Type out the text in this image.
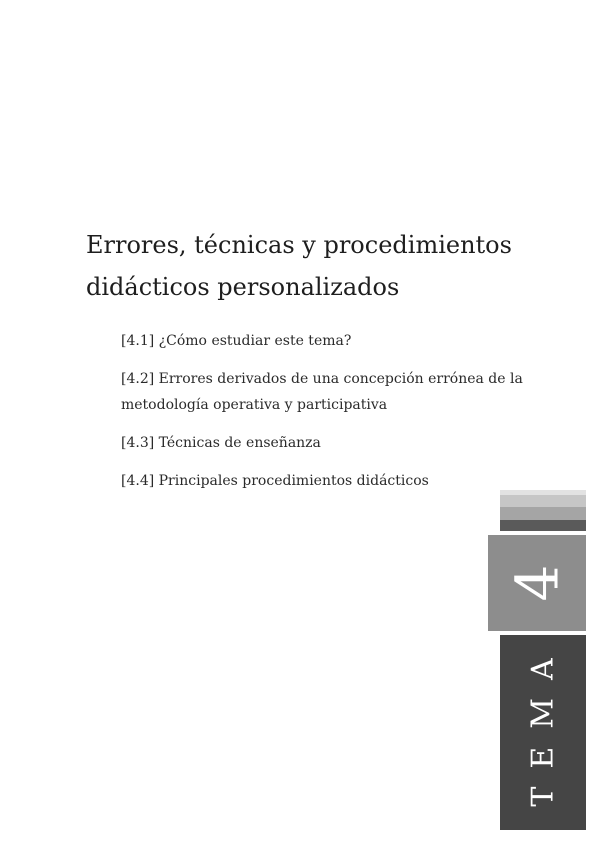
Errores, técnicas y procedimientos
didácticos personalizados
[4.1] ¿Cómo estudiar este tema?
[4.2] Errores derivados de una concepción errónea de la metodología operativa y participativa
[4.3] Técnicas de enseñanza
[4.4] Principales procedimientos didácticos
4
TEMA
